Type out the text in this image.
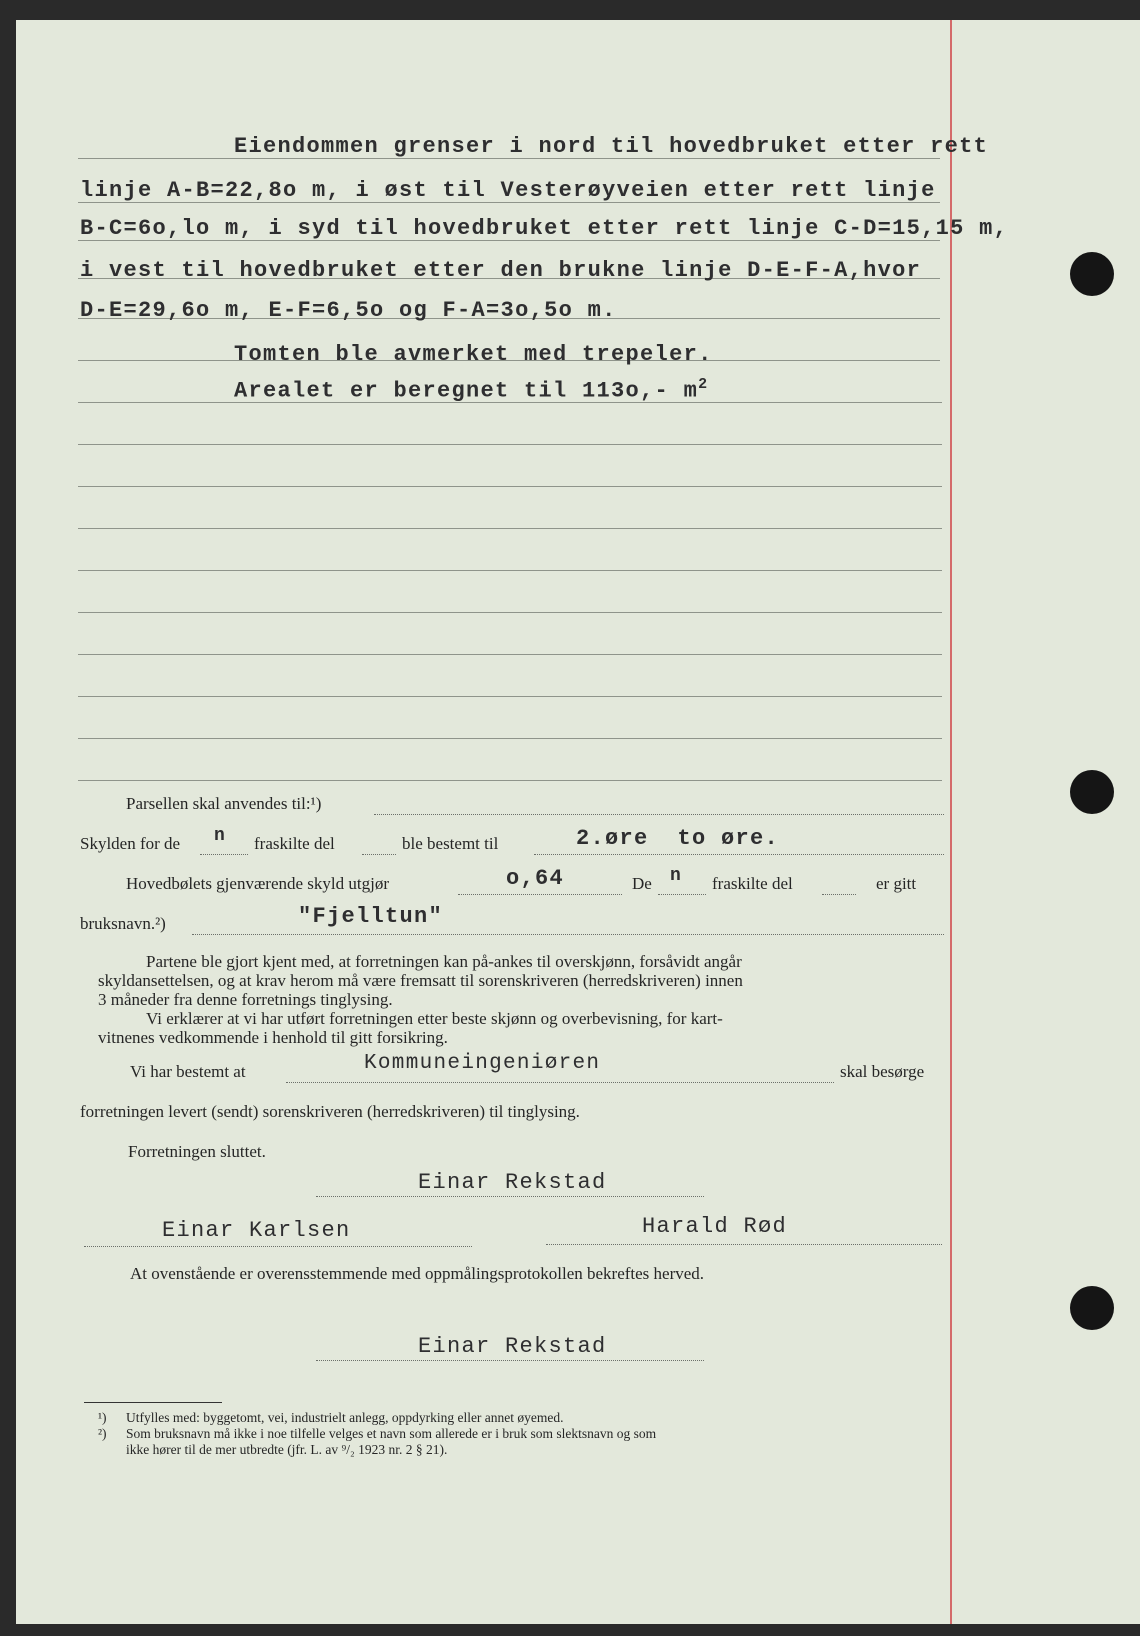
Eiendommen grenser i nord til hovedbruket etter rett

linje A-B=22,8o m, i øst til Vesterøyveien etter rett linje

B-C=6o,lo m, i syd til hovedbruket etter rett linje C-D=15,15 m,

i vest til hovedbruket etter den brukne linje D-E-F-A,hvor

D-E=29,6o m, E-F=6,5o og F-A=3o,5o m.

Tomten ble avmerket med trepeler.

Arealet er beregnet til 113o,- $m^2$

Parsellen skal anvendes til:¹)

Skylden for de n fraskilte del	ble bestemt til	2.øre  to øre.

Hovedbølets gjenværende skyld utgjør	o,64	De n fraskilte del	er gitt

bruksnavn.²)	"Fjelltun"

Partene ble gjort kjent med, at forretningen kan på-ankes til overskjønn, forsåvidt angår
skyldansettelsen, og at krav herom må være fremsatt til sorenskriveren (herredskriveren) innen
3 måneder fra denne forretnings tinglysing.
Vi erklærer at vi har utført forretningen etter beste skjønn og overbevisning, for kart-
vitnenes vedkommende i henhold til gitt forsikring.

Vi har bestemt at	Kommuneingeniøren	skal besørge

forretningen levert (sendt) sorenskriveren (herredskriveren) til tinglysing.

Forretningen sluttet.

Einar Rekstad

Einar Karlsen	Harald Rød

At ovenstående er overensstemmende med oppmålingsprotokollen bekreftes herved.

Einar Rekstad

¹)	Utfylles med: byggetomt, vei, industrielt anlegg, oppdyrking eller annet øyemed.
²)	Som bruksnavn må ikke i noe tilfelle velges et navn som allerede er i bruk som slektsnavn og som
ikke hører til de mer utbredte (jfr. L. av ⁹/₂ 1923 nr. 2 § 21).
